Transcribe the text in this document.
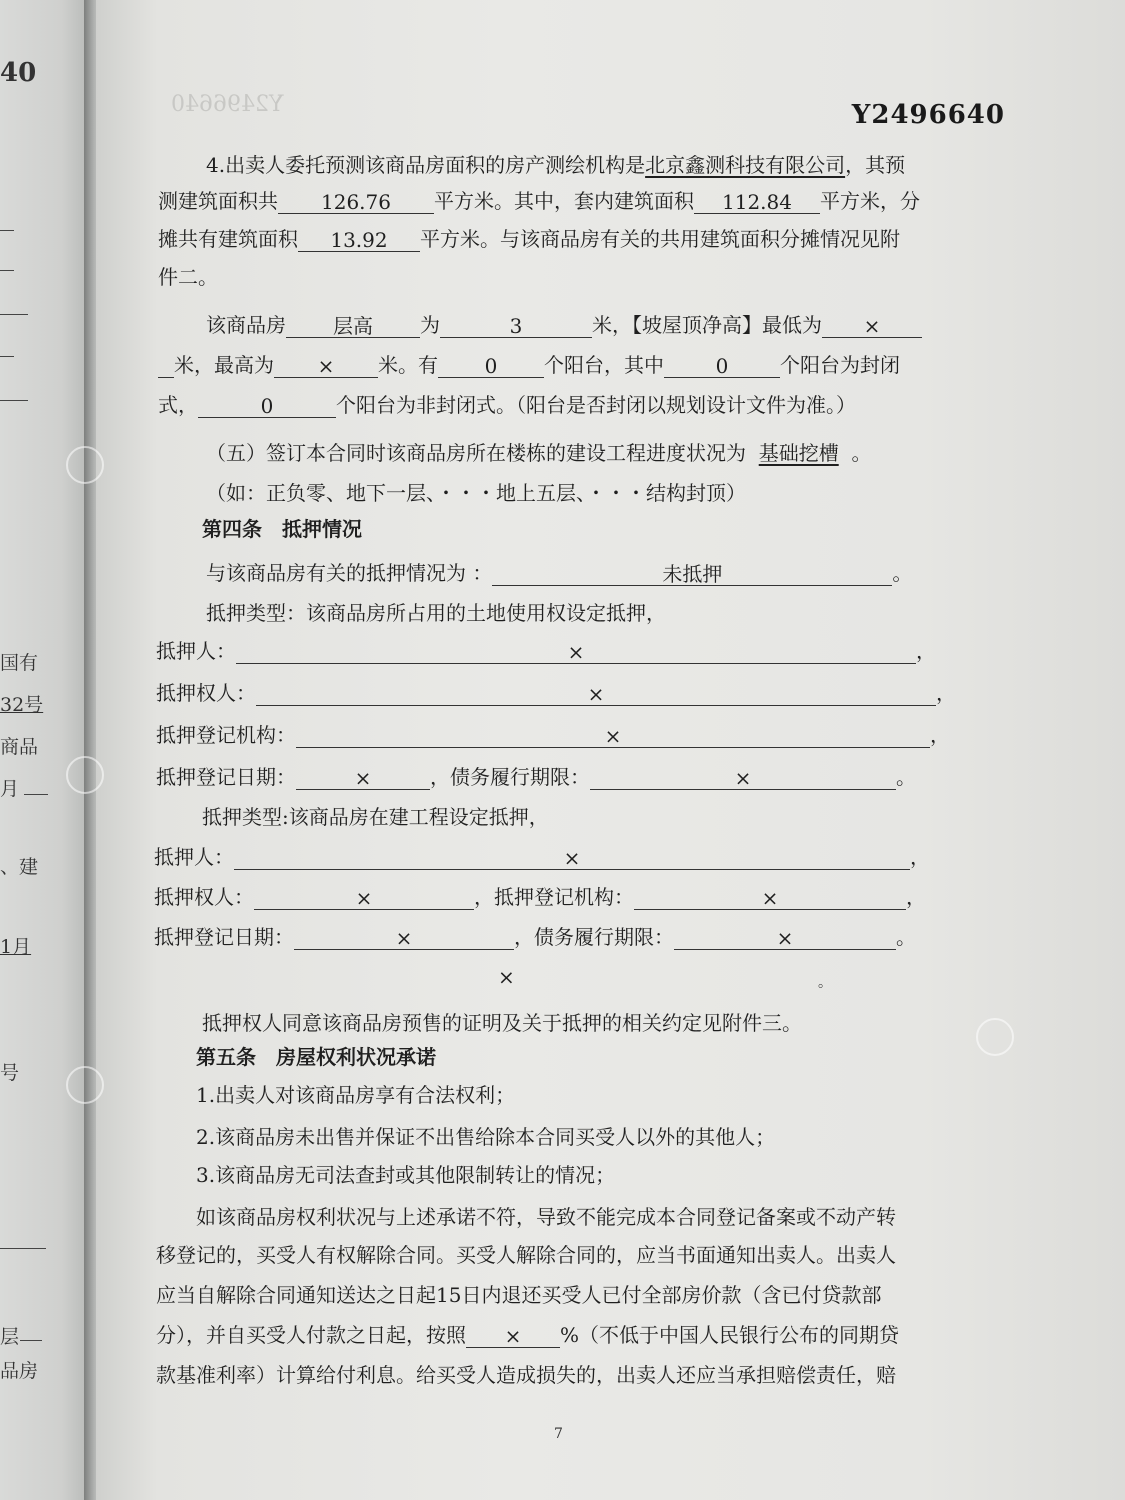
40
国有
32号
商品
月
、建
1月
号
层
品房
Y2496640	Y2496640
4.出卖人委托预测该商品房面积的房产测绘机构是北京鑫测科技有限公司，其预
测建筑面积共 126.76 平方米。其中，套内建筑面积 112.84 平方米，分
摊共有建筑面积 13.92 平方米。与该商品房有关的共用建筑面积分摊情况见附
件二。
该商品房 层高 为	3	米，【坡屋顶净高】最低为 ×
米，最高为 × 米。有 0 个阳台，其中	0	个阳台为封闭
式，	0	个阳台为非封闭式。（阳台是否封闭以规划设计文件为准。）
（五）签订本合同时该商品房所在楼栋的建设工程进度状况为 基础挖槽 。
（如：正负零、地下一层、・・・地上五层、・・・结构封顶）
第四条　抵押情况
与该商品房有关的抵押情况为 ：	未抵押	。
抵押类型：该商品房所占用的土地使用权设定抵押，
抵押人：	×	，
抵押权人：	×	，
抵押登记机构：	×	，
抵押登记日期：	×	，债务履行期限：	×	。
抵押类型:该商品房在建工程设定抵押，
抵押人：	×	，
抵押权人：	×	，抵押登记机构：	×	，
抵押登记日期：	×	，债务履行期限：	×	。
×	。
抵押权人同意该商品房预售的证明及关于抵押的相关约定见附件三。
第五条　房屋权利状况承诺
1.出卖人对该商品房享有合法权利；
2.该商品房未出售并保证不出售给除本合同买受人以外的其他人；
3.该商品房无司法查封或其他限制转让的情况；
如该商品房权利状况与上述承诺不符，导致不能完成本合同登记备案或不动产转
移登记的，买受人有权解除合同。买受人解除合同的，应当书面通知出卖人。出卖人
应当自解除合同通知送达之日起15日内退还买受人已付全部房价款（含已付贷款部
分），并自买受人付款之日起，按照 × %（不低于中国人民银行公布的同期贷
款基准利率）计算给付利息。给买受人造成损失的，出卖人还应当承担赔偿责任，赔
7
